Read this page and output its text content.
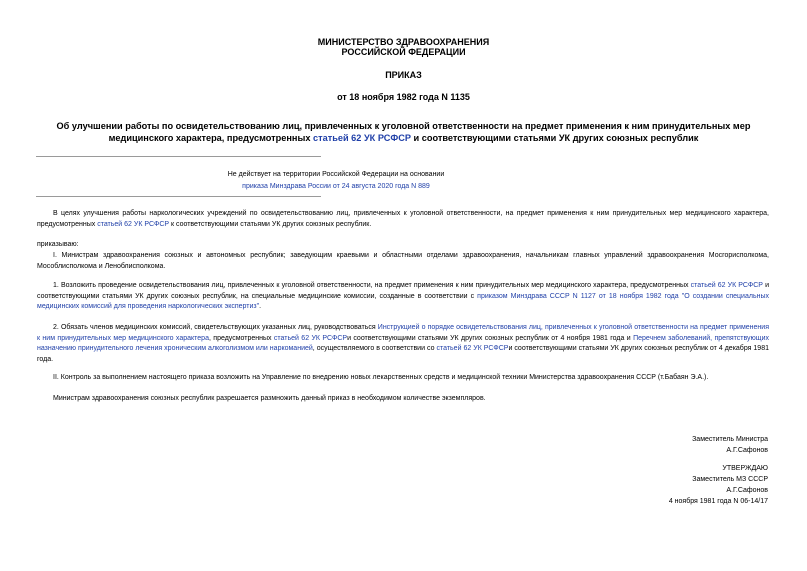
МИНИСТЕРСТВО ЗДРАВООХРАНЕНИЯ
РОССИЙСКОЙ ФЕДЕРАЦИИ
ПРИКАЗ
от 18 ноября 1982 года N 1135
Об улучшении работы по освидетельствованию лиц, привлеченных к уголовной ответственности на предмет применения к ним принудительных мер
медицинского характера, предусмотренных статьей 62 УК РСФСР и соответствующими статьями УК других союзных республик
Не действует на территории Российской Федерации на основании
приказа Минздрава России от 24 августа 2020 года N 889
В целях улучшения работы наркологических учреждений по освидетельствованию лиц, привлеченных к уголовной ответственности, на предмет применения к ним принудительных мер медицинского характера, предусмотренных статьей 62 УК РСФСР к соответствующими статьями УК других союзных республик.
приказываю:
I. Министрам здравоохранения союзных и автономных республик; заведующим краевыми и областными отделами здравоохранения, начальникам главных управлений здравоохранения Мосгорисполкома, Мособлисполкома и Леноблисполкома.
1. Возложить проведение освидетельствования лиц, привлеченных к уголовной ответственности, на предмет применения к ним принудительных мер медицинского характера, предусмотренных статьей 62 УК РСФСР и соответствующими статьями УК других союзных республик, на специальные медицинские комиссии, созданные в соответствии с приказом Минздрава СССР N 1127 от 18 ноября 1982 года "О создании специальных медицинских комиссий для проведения наркологических экспертиз".
2. Обязать членов медицинских комиссий, свидетельствующих указанных лиц, руководствоваться Инструкцией о порядке освидетельствования лиц, привлеченных к уголовной ответственности на предмет применения к ним принудительных мер медицинского характера, предусмотренных статьей 62 УК РСФСРи соответствующими статьями УК других союзных республик от 4 ноября 1981 года и Перечнем заболеваний, препятствующих назначению принудительного лечения хроническим алкоголизмом или наркоманией, осуществляемого в соответствии со статьей 62 УК РСФСРи соответствующими статьями УК других союзных республик от 4 декабря 1981 года.
II. Контроль за выполнением настоящего приказа возложить на Управление по внедрению новых лекарственных средств и медицинской техники Министерства здравоохранения СССР (т.Бабаян Э.А.).
Министрам здравоохранения союзных республик разрешается размножить данный приказ в необходимом количестве экземпляров.
Заместитель Министра
А.Г.Сафонов
УТВЕРЖДАЮ
Заместитель МЗ СССР
А.Г.Сафонов
4 ноября 1981 года N 06-14/17
